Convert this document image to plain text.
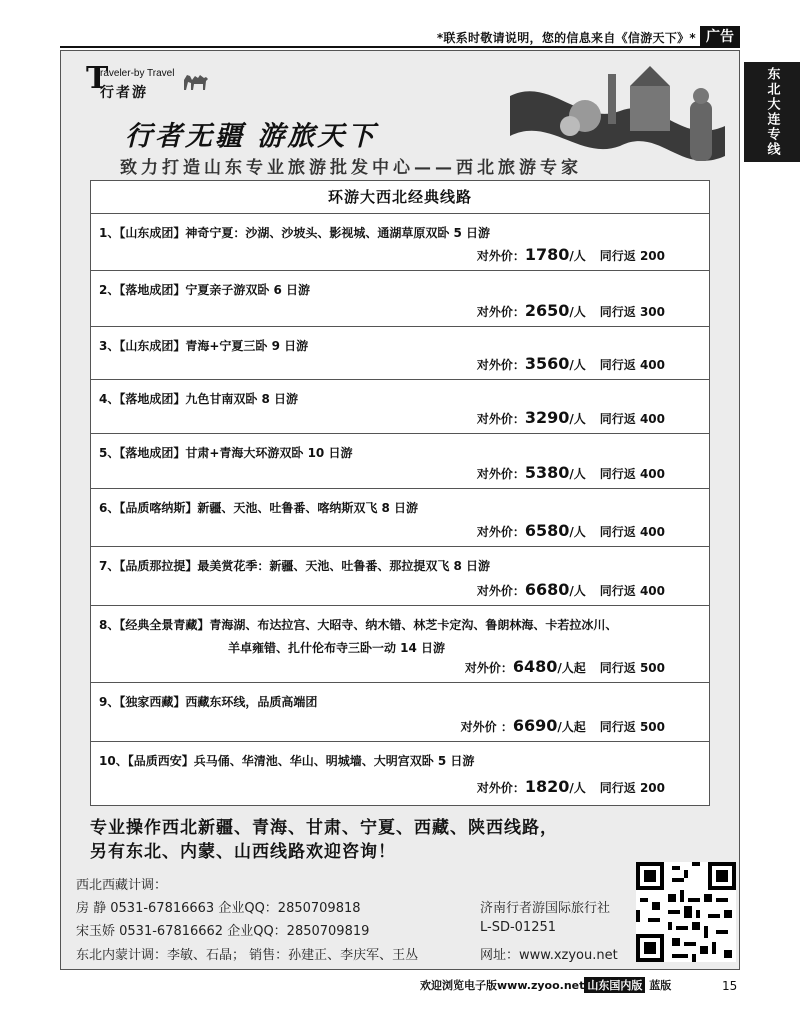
*联系时敬请说明，您的信息来自《信游天下》* 广告
东北大连专线
T
raveler-by Travel
行者游
行者无疆 游旅天下
致力打造山东专业旅游批发中心——西北旅游专家
环游大西北经典线路
1、【山东成团】神奇宁夏：沙湖、沙坡头、影视城、通湖草原双卧 5 日游
对外价：1780/人 同行返 200
2、【落地成团】宁夏亲子游双卧 6 日游
对外价：2650/人 同行返 300
3、【山东成团】青海+宁夏三卧 9 日游
对外价：3560/人 同行返 400
4、【落地成团】九色甘南双卧 8 日游
对外价：3290/人 同行返 400
5、【落地成团】甘肃+青海大环游双卧 10 日游
对外价：5380/人 同行返 400
6、【品质喀纳斯】新疆、天池、吐鲁番、喀纳斯双飞 8 日游
对外价：6580/人 同行返 400
7、【品质那拉提】最美赏花季：新疆、天池、吐鲁番、那拉提双飞 8 日游
对外价：6680/人 同行返 400
8、【经典全景青藏】青海湖、布达拉宫、大昭寺、纳木错、林芝卡定沟、鲁朗林海、卡若拉冰川、
羊卓雍错、扎什伦布寺三卧一动 14 日游
对外价：6480/人起 同行返 500
9、【独家西藏】西藏东环线，品质高端团
对外价 ：6690/人起 同行返 500
10、【品质西安】兵马俑、华清池、华山、明城墙、大明宫双卧 5 日游
对外价：1820/人 同行返 200
专业操作西北新疆、青海、甘肃、宁夏、西藏、陕西线路，
另有东北、内蒙、山西线路欢迎咨询！
西北西藏计调：
房 静 0531-67816663 企业QQ：2850709818
宋玉娇 0531-67816662 企业QQ：2850709819
东北内蒙计调：李敏、石晶； 销售：孙建正、李庆军、王丛
济南行者游国际旅行社
L-SD-01251
网址：www.xzyou.net
欢迎浏览电子版www.zyoo.net 山东国内版 蓝版	15
